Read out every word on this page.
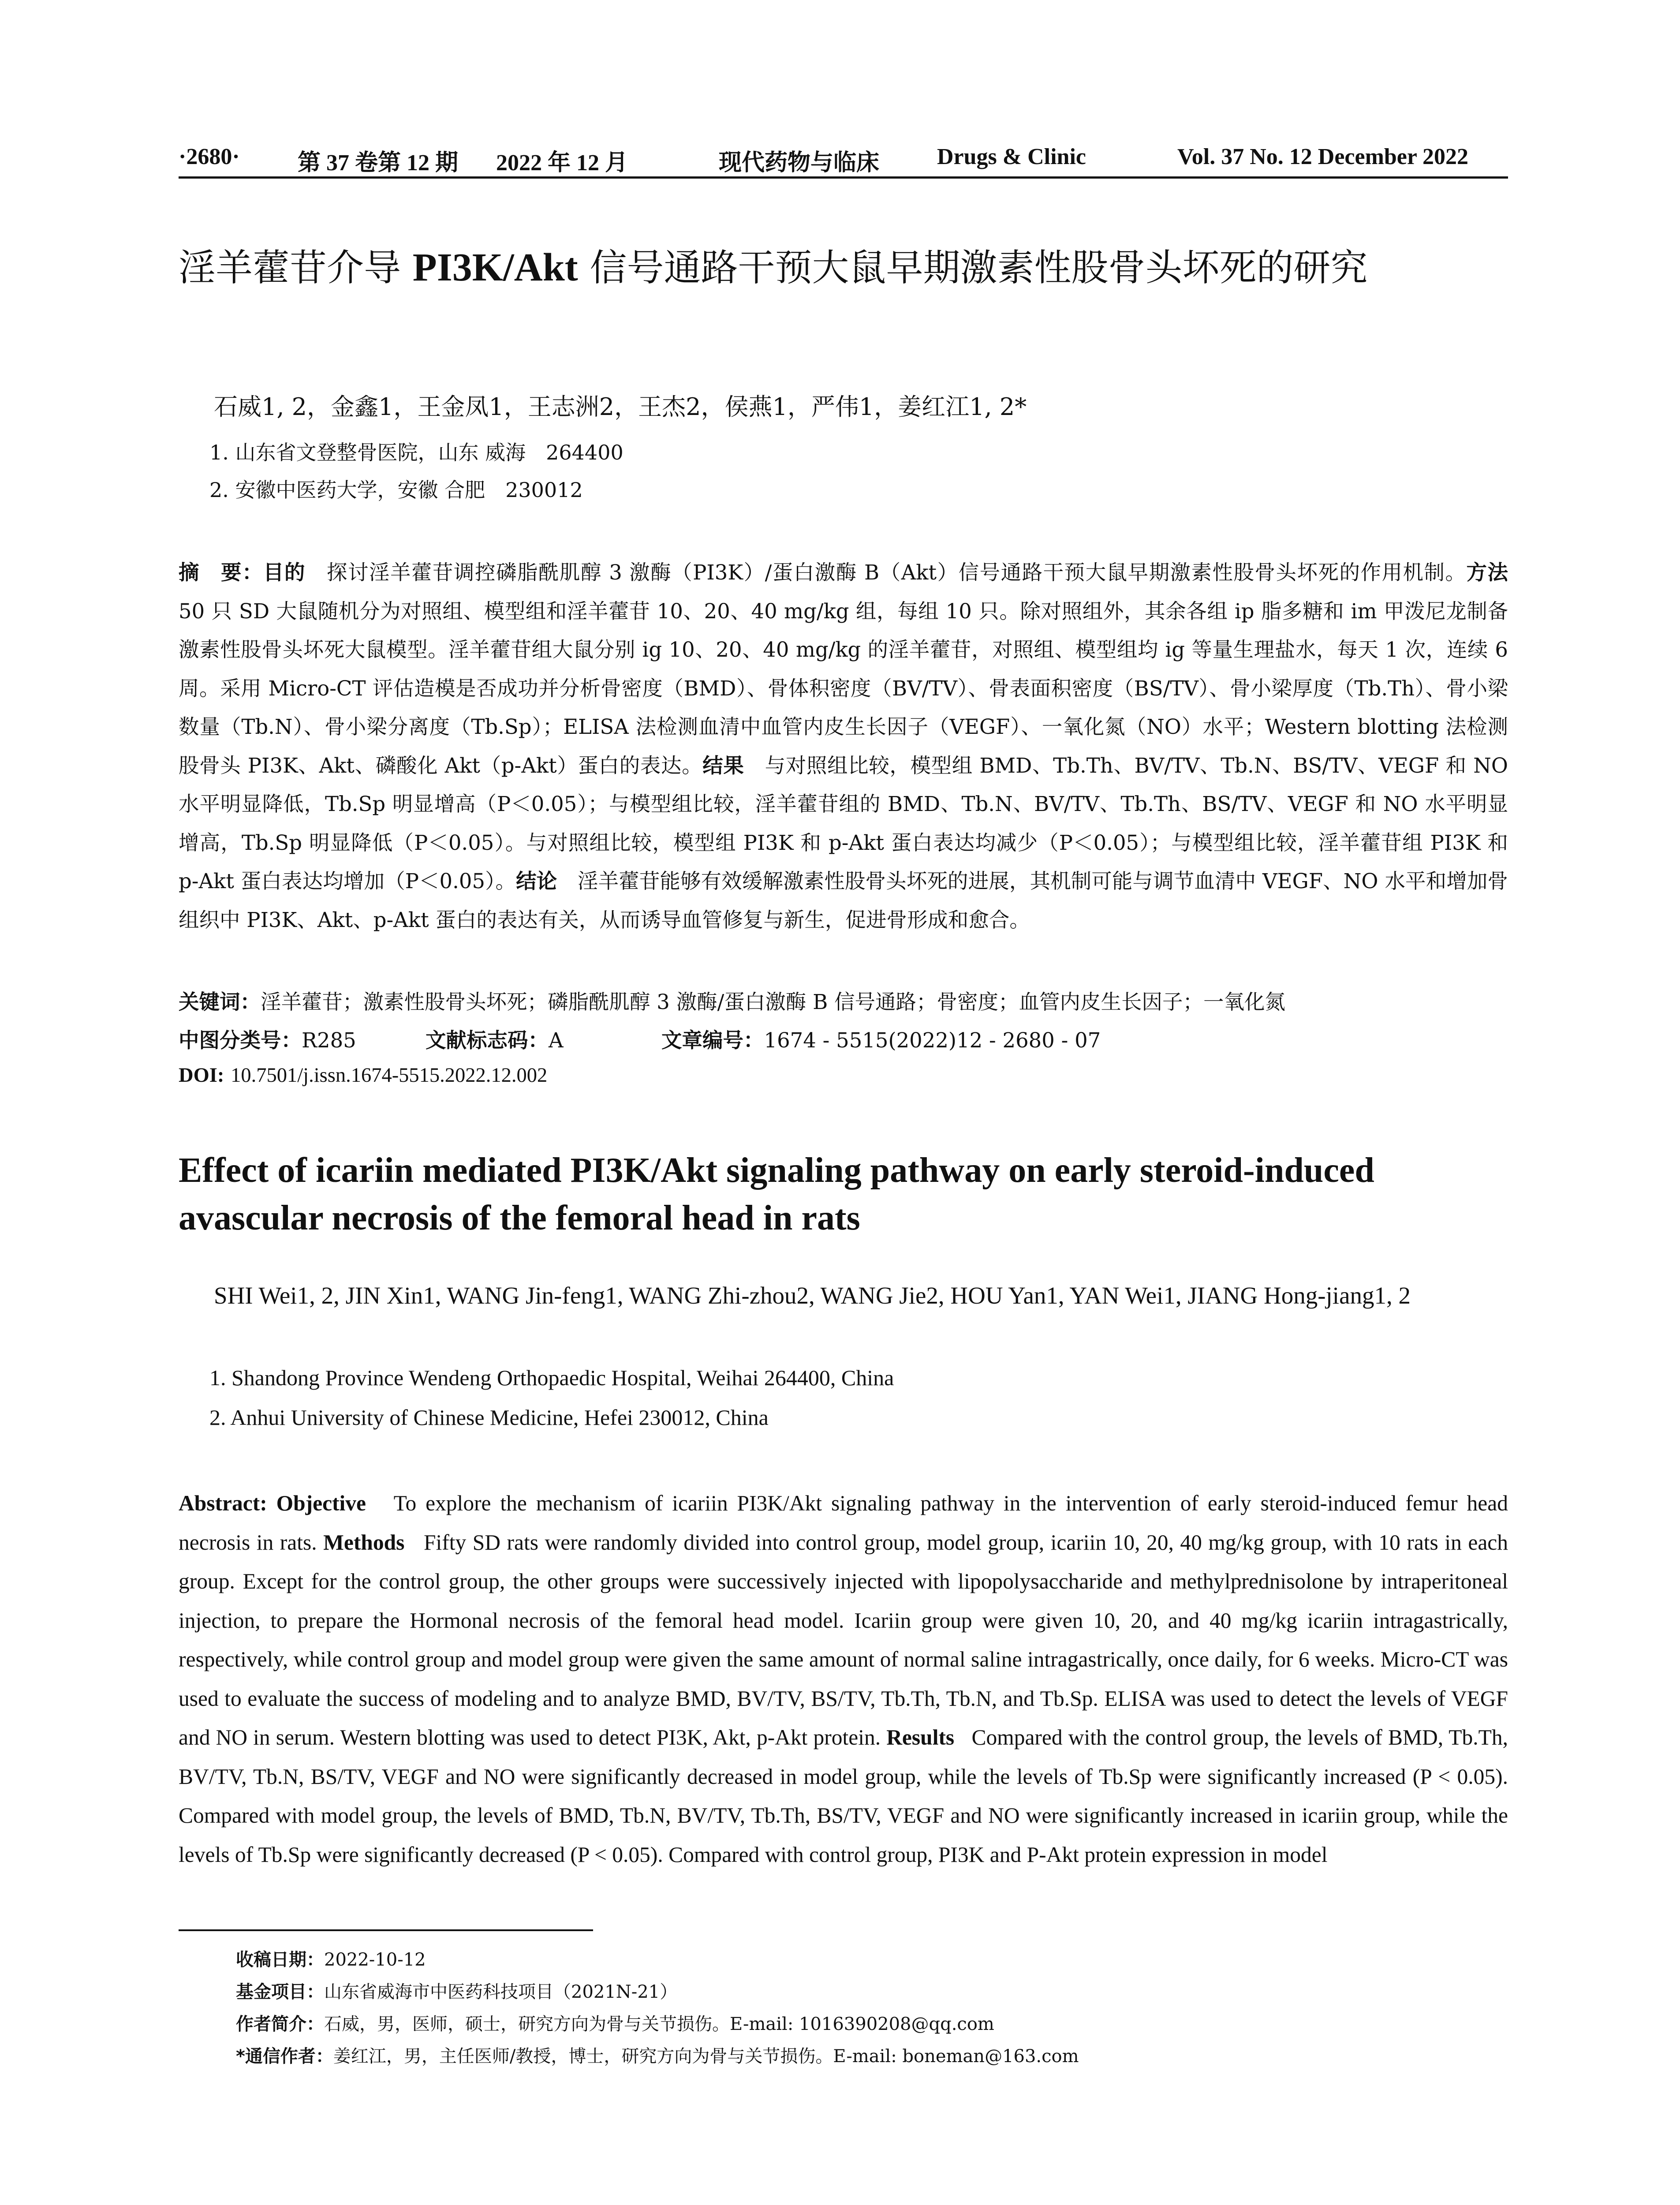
·2680·	第 37 卷第 12 期 2022 年 12 月	现代药物与临床	Drugs & Clinic	Vol. 37 No. 12 December 2022
淫羊藿苷介导 PI3K/Akt 信号通路干预大鼠早期激素性股骨头坏死的研究
石威1, 2，金鑫1，王金凤1，王志洲2，王杰2，侯燕1，严伟1，姜红江1, 2*
1. 山东省文登整骨医院，山东 威海　264400
2. 安徽中医药大学，安徽 合肥　230012

摘　要：目的　 探讨淫羊藿苷调控磷脂酰肌醇 3 激酶（PI3K）/蛋白激酶 B（Akt）信号通路干预大鼠早期激素性股骨头坏死的作用机制。方法　50 只 SD 大鼠随机分为对照组、模型组和淫羊藿苷 10、20、40 mg/kg 组，每组 10 只。除对照组外，其余各组 ip 脂多糖和 im 甲泼尼龙制备激素性股骨头坏死大鼠模型。淫羊藿苷组大鼠分别 ig 10、20、40 mg/kg 的淫羊藿苷，对照组、模型组均 ig 等量生理盐水，每天 1 次，连续 6 周。采用 Micro-CT 评估造模是否成功并分析骨密度（BMD）、骨体积密度（BV/TV）、骨表面积密度（BS/TV）、骨小梁厚度（Tb.Th）、骨小梁数量（Tb.N）、骨小梁分离度（Tb.Sp）；ELISA 法检测血清中血管内皮生长因子（VEGF）、一氧化氮（NO）水平；Western blotting 法检测股骨头 PI3K、Akt、磷酸化 Akt（p-Akt）蛋白的表达。结果　 与对照组比较，模型组 BMD、Tb.Th、BV/TV、Tb.N、BS/TV、VEGF 和 NO 水平明显降低，Tb.Sp 明显增高（P＜0.05）；与模型组比较，淫羊藿苷组的 BMD、Tb.N、BV/TV、Tb.Th、BS/TV、VEGF 和 NO 水平明显增高，Tb.Sp 明显降低（P＜0.05）。与对照组比较，模型组 PI3K 和 p-Akt 蛋白表达均减少（P＜0.05）；与模型组比较，淫羊藿苷组 PI3K 和 p-Akt 蛋白表达均增加（P＜0.05）。结论　 淫羊藿苷能够有效缓解激素性股骨头坏死的进展，其机制可能与调节血清中 VEGF、NO 水平和增加骨组织中 PI3K、Akt、p-Akt 蛋白的表达有关，从而诱导血管修复与新生，促进骨形成和愈合。

关键词：淫羊藿苷；激素性股骨头坏死；磷脂酰肌醇 3 激酶/蛋白激酶 B 信号通路；骨密度；血管内皮生长因子；一氧化氮
中图分类号：R285	文献标志码：A	文章编号：1674 - 5515(2022)12 - 2680 - 07
DOI: 10.7501/j.issn.1674-5515.2022.12.002
Effect of icariin mediated PI3K/Akt signaling pathway on early steroid-induced avascular necrosis of the femoral head in rats
SHI Wei1, 2, JIN Xin1, WANG Jin-feng1, WANG Zhi-zhou2, WANG Jie2, HOU Yan1, YAN Wei1, JIANG Hong-jiang1, 2
1. Shandong Province Wendeng Orthopaedic Hospital, Weihai 264400, China
2. Anhui University of Chinese Medicine, Hefei 230012, China

Abstract: Objective To explore the mechanism of icariin PI3K/Akt signaling pathway in the intervention of early steroid-induced femur head necrosis in rats. Methods Fifty SD rats were randomly divided into control group, model group, icariin 10, 20, 40 mg/kg group, with 10 rats in each group. Except for the control group, the other groups were successively injected with lipopolysaccharide and methylprednisolone by intraperitoneal injection, to prepare the Hormonal necrosis of the femoral head model. Icariin group were given 10, 20, and 40 mg/kg icariin intragastrically, respectively, while control group and model group were given the same amount of normal saline intragastrically, once daily, for 6 weeks. Micro-CT was used to evaluate the success of modeling and to analyze BMD, BV/TV, BS/TV, Tb.Th, Tb.N, and Tb.Sp. ELISA was used to detect the levels of VEGF and NO in serum. Western blotting was used to detect PI3K, Akt, p-Akt protein. Results Compared with the control group, the levels of BMD, Tb.Th, BV/TV, Tb.N, BS/TV, VEGF and NO were significantly decreased in model group, while the levels of Tb.Sp were significantly increased (P < 0.05). Compared with model group, the levels of BMD, Tb.N, BV/TV, Tb.Th, BS/TV, VEGF and NO were significantly increased in icariin group, while the levels of Tb.Sp were significantly decreased (P < 0.05). Compared with control group, PI3K and P-Akt protein expression in model

收稿日期：2022-10-12
基金项目：山东省威海市中医药科技项目（2021N-21）
作者简介：石威，男，医师，硕士，研究方向为骨与关节损伤。E-mail: 1016390208@qq.com
*通信作者：姜红江，男，主任医师/教授，博士，研究方向为骨与关节损伤。E-mail: boneman@163.com
